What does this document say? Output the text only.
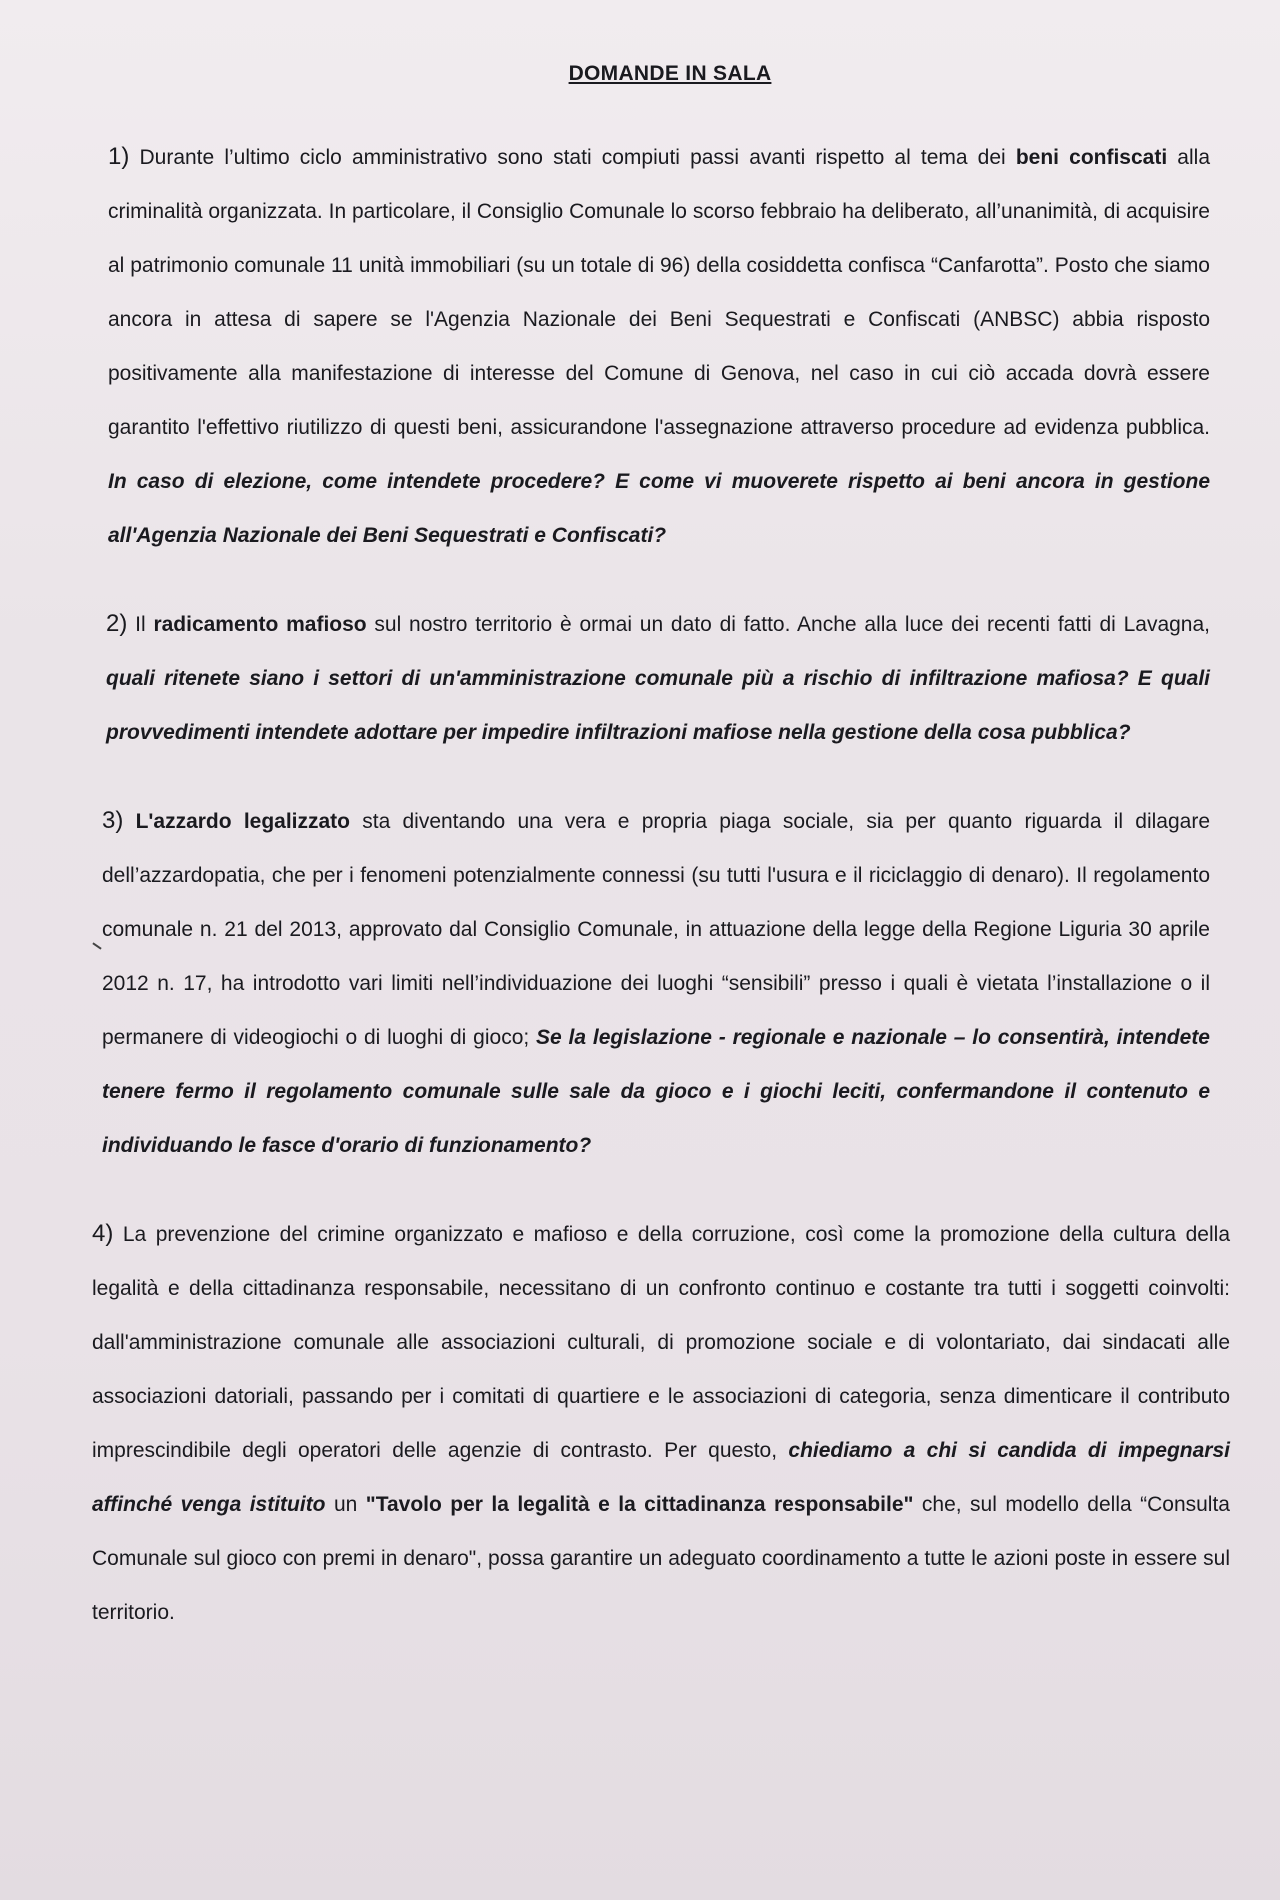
DOMANDE IN SALA

1) Durante l’ultimo ciclo amministrativo sono stati compiuti passi avanti rispetto al tema dei beni confiscati alla criminalità organizzata. In particolare, il Consiglio Comunale lo scorso febbraio ha deliberato, all’unanimità, di acquisire al patrimonio comunale 11 unità immobiliari (su un totale di 96) della cosiddetta confisca “Canfarotta”. Posto che siamo ancora in attesa di sapere se l'Agenzia Nazionale dei Beni Sequestrati e Confiscati (ANBSC) abbia risposto positivamente alla manifestazione di interesse del Comune di Genova, nel caso in cui ciò accada dovrà essere garantito l'effettivo riutilizzo di questi beni, assicurandone l'assegnazione attraverso procedure ad evidenza pubblica. In caso di elezione, come intendete procedere? E come vi muoverete rispetto ai beni ancora in gestione all'Agenzia Nazionale dei Beni Sequestrati e Confiscati?

2) Il radicamento mafioso sul nostro territorio è ormai un dato di fatto. Anche alla luce dei recenti fatti di Lavagna, quali ritenete siano i settori di un'amministrazione comunale più a rischio di infiltrazione mafiosa? E quali provvedimenti intendete adottare per impedire infiltrazioni mafiose nella gestione della cosa pubblica?

3) L'azzardo legalizzato sta diventando una vera e propria piaga sociale, sia per quanto riguarda il dilagare dell’azzardopatia, che per i fenomeni potenzialmente connessi (su tutti l'usura e il riciclaggio di denaro). Il regolamento comunale n. 21 del 2013, approvato dal Consiglio Comunale, in attuazione della legge della Regione Liguria 30 aprile 2012 n. 17, ha introdotto vari limiti nell’individuazione dei luoghi “sensibili” presso i quali è vietata l’installazione o il permanere di videogiochi o di luoghi di gioco; Se la legislazione - regionale e nazionale – lo consentirà, intendete tenere fermo il regolamento comunale sulle sale da gioco e i giochi leciti, confermandone il contenuto e individuando le fasce d'orario di funzionamento?

4) La prevenzione del crimine organizzato e mafioso e della corruzione, così come la promozione della cultura della legalità e della cittadinanza responsabile, necessitano di un confronto continuo e costante tra tutti i soggetti coinvolti: dall'amministrazione comunale alle associazioni culturali, di promozione sociale e di volontariato, dai sindacati alle associazioni datoriali, passando per i comitati di quartiere e le associazioni di categoria, senza dimenticare il contributo imprescindibile degli operatori delle agenzie di contrasto. Per questo, chiediamo a chi si candida di impegnarsi affinché venga istituito un "Tavolo per la legalità e la cittadinanza responsabile" che, sul modello della “Consulta Comunale sul gioco con premi in denaro", possa garantire un adeguato coordinamento a tutte le azioni poste in essere sul territorio.
